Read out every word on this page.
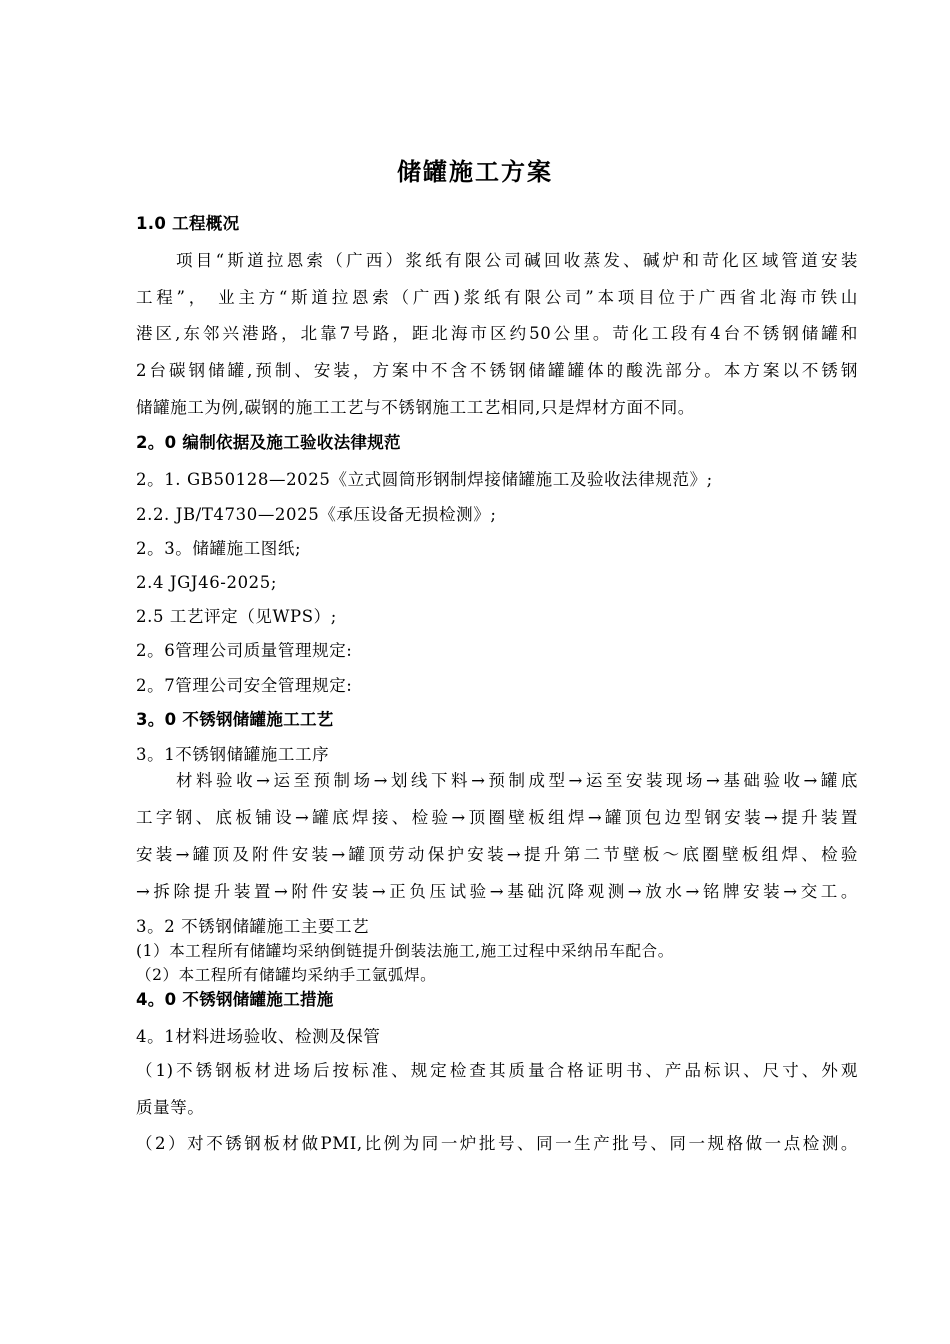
储罐施工方案
1.0 工程概况
项目“斯道拉恩索（广西）浆纸有限公司碱回收蒸发、碱炉和苛化区域管道安装
工程”， 业主方“斯道拉恩索（广西)浆纸有限公司”本项目位于广西省北海市铁山
港区,东邻兴港路，北靠7号路，距北海市区约50公里。苛化工段有4台不锈钢储罐和
2台碳钢储罐,预制、安装，方案中不含不锈钢储罐罐体的酸洗部分。本方案以不锈钢
储罐施工为例,碳钢的施工工艺与不锈钢施工工艺相同,只是焊材方面不同。
2。0 编制依据及施工验收法律规范
2。1. GB50128—2025《立式圆筒形钢制焊接储罐施工及验收法律规范》;
2.2. JB/T4730—2025《承压设备无损检测》;
2。3。储罐施工图纸;
2.4 JGJ46-2025;
2.5 工艺评定（见WPS）;
2。6管理公司质量管理规定:
2。7管理公司安全管理规定:
3。0 不锈钢储罐施工工艺
3。1不锈钢储罐施工工序
材料验收→运至预制场→划线下料→预制成型→运至安装现场→基础验收→罐底
工字钢、底板铺设→罐底焊接、检验→顶圈壁板组焊→罐顶包边型钢安装→提升装置
安装→罐顶及附件安装→罐顶劳动保护安装→提升第二节壁板～底圈壁板组焊、检验
→拆除提升装置→附件安装→正负压试验→基础沉降观测→放水→铭牌安装→交工。
3。2 不锈钢储罐施工主要工艺
(1）本工程所有储罐均采纳倒链提升倒装法施工,施工过程中采纳吊车配合。
（2）本工程所有储罐均采纳手工氩弧焊。
4。0 不锈钢储罐施工措施
4。1材料进场验收、检测及保管
（1)不锈钢板材进场后按标准、规定检查其质量合格证明书、产品标识、尺寸、外观
质量等。
（2）对不锈钢板材做PMI,比例为同一炉批号、同一生产批号、同一规格做一点检测。
